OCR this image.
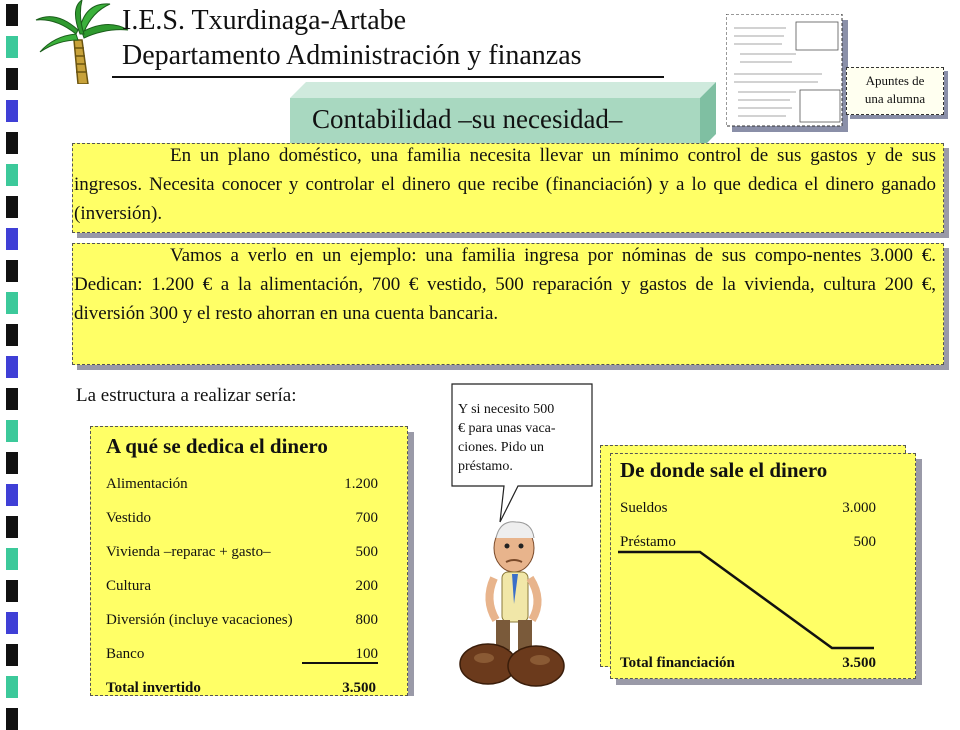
I.E.S. Txurdinaga-Artabe
Departamento Administración y finanzas
Contabilidad –su necesidad–
Apuntes de
una alumna
En un plano doméstico, una familia necesita llevar un mínimo control de sus gastos y de sus ingresos. Necesita conocer y controlar el dinero que recibe (financiación) y a lo que dedica el dinero ganado (inversión).
Vamos a verlo en un ejemplo: una familia ingresa por nóminas de sus compo-nentes 3.000 €. Dedican: 1.200 € a la alimentación, 700 € vestido, 500 reparación y gastos de la vivienda, cultura 200 €, diversión 300 y el resto ahorran en una cuenta bancaria.
La estructura a realizar sería:
A qué se dedica el dinero
Alimentación	1.200
Vestido	700
Vivienda –reparac + gasto–	500
Cultura	200
Diversión (incluye vacaciones)	800
Banco	100
Total invertido	3.500
De donde sale el dinero
Sueldos	3.000
Préstamo	500
Total financiación	3.500
Y si necesito 500
€ para unas vaca-
ciones. Pido un
préstamo.
